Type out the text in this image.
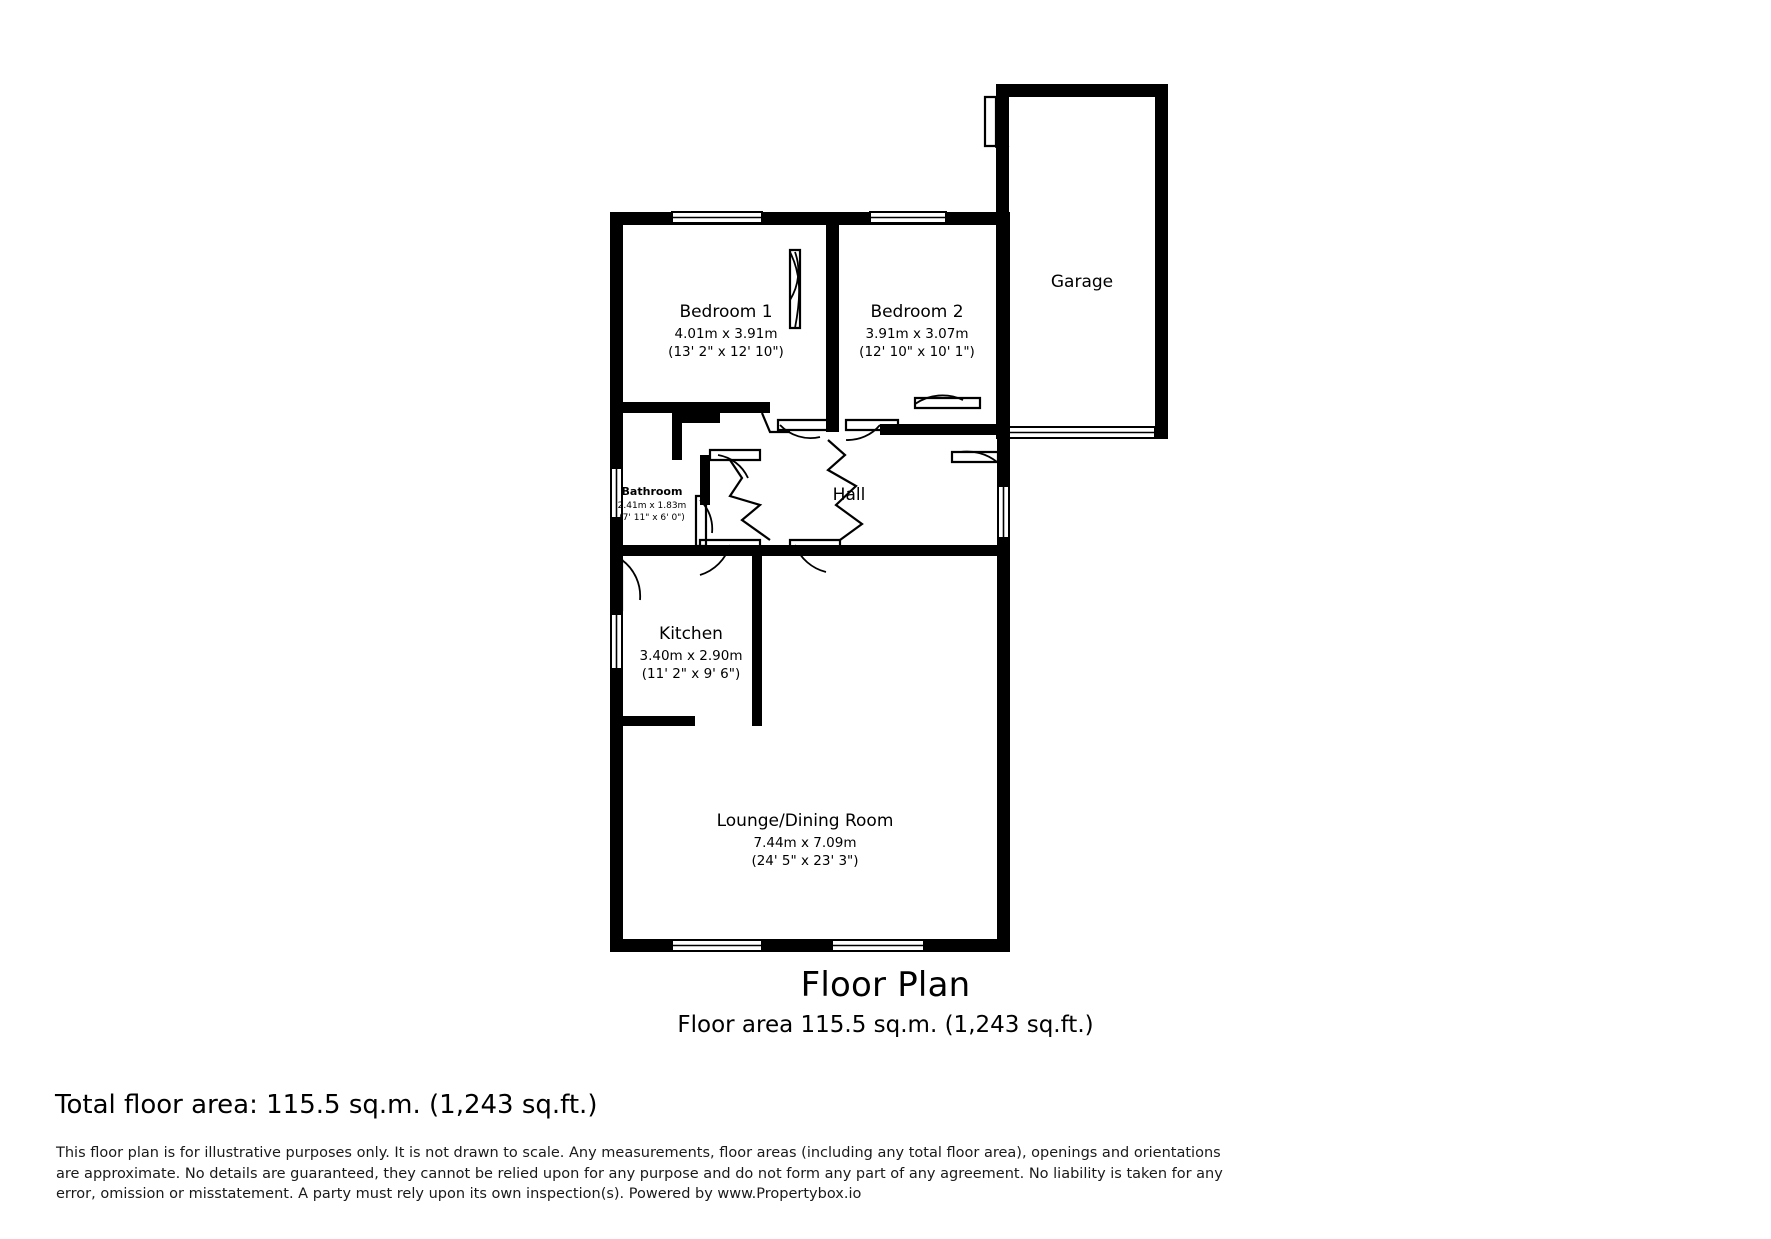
Bedroom 1
4.01m x 3.91m
(13' 2" x 12' 10")
Bedroom 2
3.91m x 3.07m
(12' 10" x 10' 1")
Garage
Hall
Bathroom
2.41m x 1.83m
(7' 11" x 6' 0")
Kitchen
3.40m x 2.90m
(11' 2" x 9' 6")
Lounge/Dining Room
7.44m x 7.09m
(24' 5" x 23' 3")
Floor Plan
Floor area 115.5 sq.m. (1,243 sq.ft.)
Total floor area: 115.5 sq.m. (1,243 sq.ft.)
This floor plan is for illustrative purposes only. It is not drawn to scale. Any measurements, floor areas (including any total floor area), openings and orientations are approximate. No details are guaranteed, they cannot be relied upon for any purpose and do not form any part of any agreement. No liability is taken for any error, omission or misstatement. A party must rely upon its own inspection(s). Powered by www.Propertybox.io
